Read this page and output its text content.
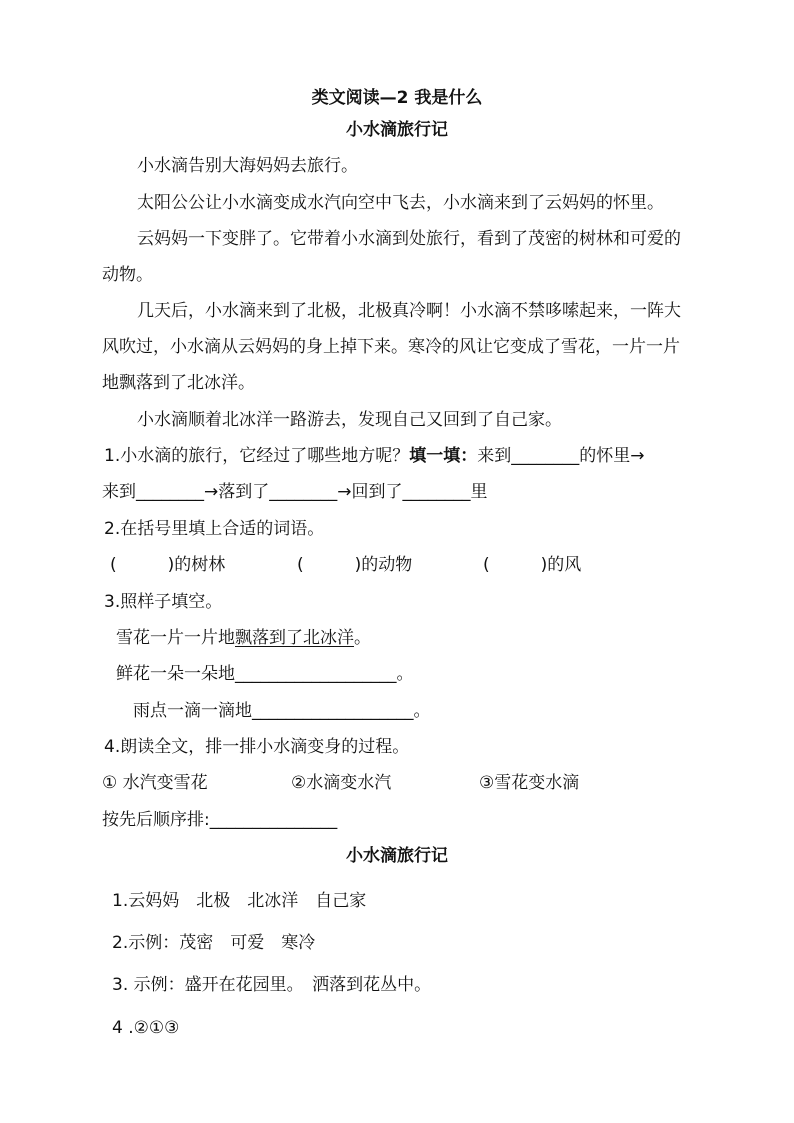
类文阅读—2 我是什么
小水滴旅行记
小水滴告别大海妈妈去旅行。
太阳公公让小水滴变成水汽向空中飞去，小水滴来到了云妈妈的怀里。
云妈妈一下变胖了。它带着小水滴到处旅行，看到了茂密的树林和可爱的
动物。
几天后，小水滴来到了北极，北极真冷啊！小水滴不禁哆嗦起来，一阵大
风吹过，小水滴从云妈妈的身上掉下来。寒冷的风让它变成了雪花，一片一片
地飘落到了北冰洋。
小水滴顺着北冰洋一路游去，发现自己又回到了自己家。
1.小水滴的旅行，它经过了哪些地方呢？填一填：来到________的怀里→
来到________→落到了________→回到了________里
2.在括号里填上合适的词语。
(　　　)的树林	(　　　)的动物	(　　　)的风
3.照样子填空。
雪花一片一片地飘落到了北冰洋。
鲜花一朵一朵地___________________。
雨点一滴一滴地___________________。
4.朗读全文，排一排小水滴变身的过程。
① 水汽变雪花	②水滴变水汽	③雪花变水滴
按先后顺序排:_______________
小水滴旅行记
1.云妈妈　北极　北冰洋　自己家
2.示例：茂密　可爱　寒冷
3. 示例：盛开在花园里。　洒落到花丛中。
4 .②①③
